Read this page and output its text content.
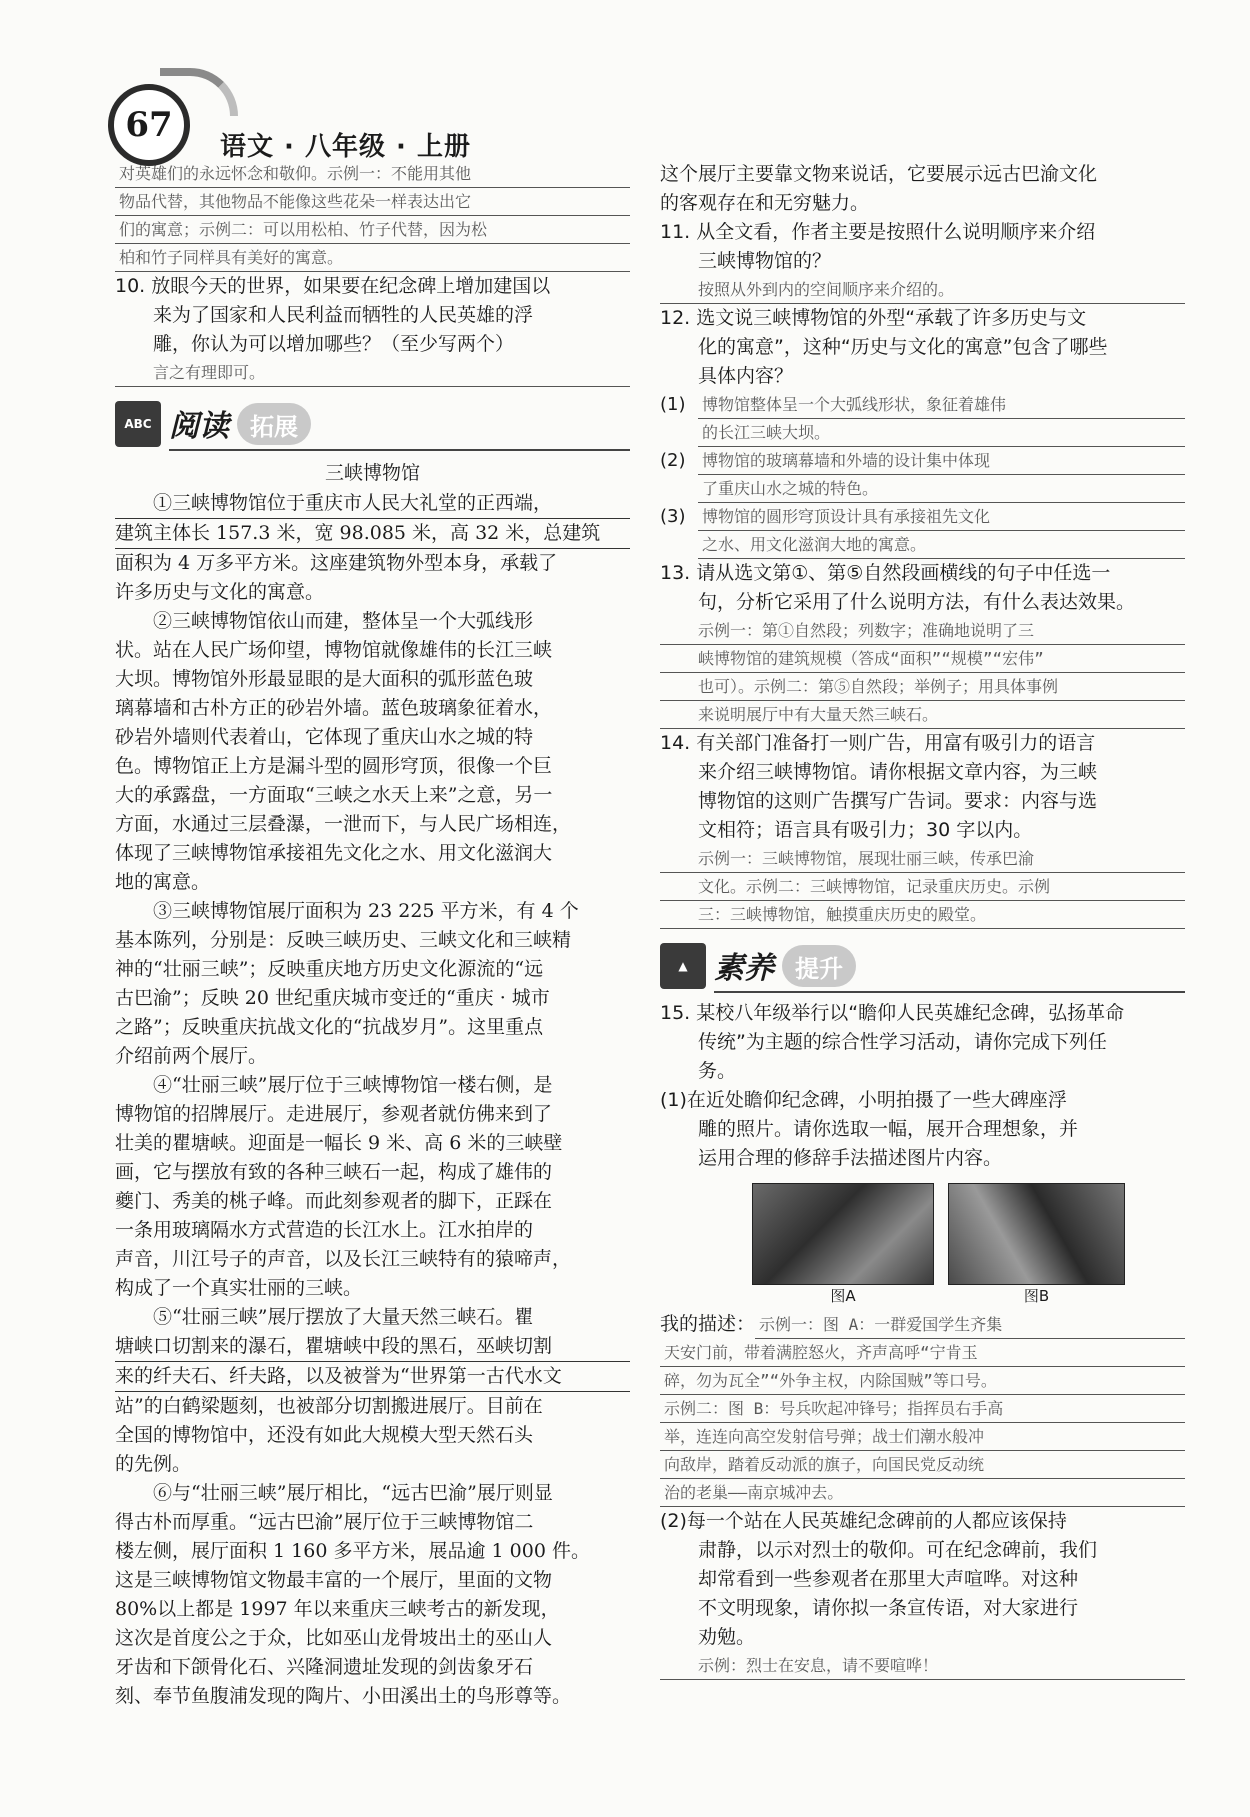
67
语文 · 八年级 · 上册
对英雄们的永远怀念和敬仰。示例一：不能用其他
物品代替，其他物品不能像这些花朵一样表达出它
们的寓意；示例二：可以用松柏、竹子代替，因为松
柏和竹子同样具有美好的寓意。
10. 放眼今天的世界，如果要在纪念碑上增加建国以
来为了国家和人民利益而牺牲的人民英雄的浮
雕，你认为可以增加哪些？（至少写两个）
言之有理即可。
ABC 阅读 拓展
三峡博物馆
①三峡博物馆位于重庆市人民大礼堂的正西端，
建筑主体长 157.3 米，宽 98.085 米，高 32 米，总建筑
面积为 4 万多平方米。这座建筑物外型本身，承载了
许多历史与文化的寓意。
②三峡博物馆依山而建，整体呈一个大弧线形
状。站在人民广场仰望，博物馆就像雄伟的长江三峡
大坝。博物馆外形最显眼的是大面积的弧形蓝色玻
璃幕墙和古朴方正的砂岩外墙。蓝色玻璃象征着水，
砂岩外墙则代表着山，它体现了重庆山水之城的特
色。博物馆正上方是漏斗型的圆形穹顶，很像一个巨
大的承露盘，一方面取“三峡之水天上来”之意，另一
方面，水通过三层叠瀑，一泄而下，与人民广场相连，
体现了三峡博物馆承接祖先文化之水、用文化滋润大
地的寓意。
③三峡博物馆展厅面积为 23 225 平方米，有 4 个
基本陈列，分别是：反映三峡历史、三峡文化和三峡精
神的“壮丽三峡”；反映重庆地方历史文化源流的“远
古巴渝”；反映 20 世纪重庆城市变迁的“重庆 · 城市
之路”；反映重庆抗战文化的“抗战岁月”。这里重点
介绍前两个展厅。
④“壮丽三峡”展厅位于三峡博物馆一楼右侧，是
博物馆的招牌展厅。走进展厅，参观者就仿佛来到了
壮美的瞿塘峡。迎面是一幅长 9 米、高 6 米的三峡壁
画，它与摆放有致的各种三峡石一起，构成了雄伟的
夔门、秀美的桃子峰。而此刻参观者的脚下，正踩在
一条用玻璃隔水方式营造的长江水上。江水拍岸的
声音，川江号子的声音，以及长江三峡特有的猿啼声，
构成了一个真实壮丽的三峡。
⑤“壮丽三峡”展厅摆放了大量天然三峡石。瞿
塘峡口切割来的瀑石，瞿塘峡中段的黑石，巫峡切割
来的纤夫石、纤夫路，以及被誉为“世界第一古代水文
站”的白鹤梁题刻，也被部分切割搬进展厅。目前在
全国的博物馆中，还没有如此大规模大型天然石头
的先例。
⑥与“壮丽三峡”展厅相比，“远古巴渝”展厅则显
得古朴而厚重。“远古巴渝”展厅位于三峡博物馆二
楼左侧，展厅面积 1 160 多平方米，展品逾 1 000 件。
这是三峡博物馆文物最丰富的一个展厅，里面的文物
80%以上都是 1997 年以来重庆三峡考古的新发现，
这次是首度公之于众，比如巫山龙骨坡出土的巫山人
牙齿和下颌骨化石、兴隆洞遗址发现的剑齿象牙石
刻、奉节鱼腹浦发现的陶片、小田溪出土的鸟形尊等。
这个展厅主要靠文物来说话，它要展示远古巴渝文化
的客观存在和无穷魅力。
11. 从全文看，作者主要是按照什么说明顺序来介绍
三峡博物馆的？
按照从外到内的空间顺序来介绍的。
12. 选文说三峡博物馆的外型“承载了许多历史与文
化的寓意”，这种“历史与文化的寓意”包含了哪些
具体内容？
(1)	博物馆整体呈一个大弧线形状，象征着雄伟
的长江三峡大坝。
(2)	博物馆的玻璃幕墙和外墙的设计集中体现
了重庆山水之城的特色。
(3)	博物馆的圆形穹顶设计具有承接祖先文化
之水、用文化滋润大地的寓意。
13. 请从选文第①、第⑤自然段画横线的句子中任选一
句，分析它采用了什么说明方法，有什么表达效果。
示例一：第①自然段；列数字；准确地说明了三
峡博物馆的建筑规模（答成“面积”“规模”“宏伟”
也可）。示例二：第⑤自然段；举例子；用具体事例
来说明展厅中有大量天然三峡石。
14. 有关部门准备打一则广告，用富有吸引力的语言
来介绍三峡博物馆。请你根据文章内容，为三峡
博物馆的这则广告撰写广告词。要求：内容与选
文相符；语言具有吸引力；30 字以内。
示例一：三峡博物馆，展现壮丽三峡，传承巴渝
文化。示例二：三峡博物馆，记录重庆历史。示例
三：三峡博物馆，触摸重庆历史的殿堂。
▲ 素养 提升
15. 某校八年级举行以“瞻仰人民英雄纪念碑，弘扬革命
传统”为主题的综合性学习活动，请你完成下列任
务。
(1)在近处瞻仰纪念碑，小明拍摄了一些大碑座浮
雕的照片。请你选取一幅，展开合理想象，并
运用合理的修辞手法描述图片内容。
图A	图B
我的描述： 示例一：图 A：一群爱国学生齐集
天安门前，带着满腔怒火，齐声高呼“宁肯玉
碎，勿为瓦全”“外争主权，内除国贼”等口号。
示例二：图 B：号兵吹起冲锋号；指挥员右手高
举，连连向高空发射信号弹；战士们潮水般冲
向敌岸，踏着反动派的旗子，向国民党反动统
治的老巢——南京城冲去。
(2)每一个站在人民英雄纪念碑前的人都应该保持
肃静，以示对烈士的敬仰。可在纪念碑前，我们
却常看到一些参观者在那里大声喧哗。对这种
不文明现象，请你拟一条宣传语，对大家进行
劝勉。
示例：烈士在安息，请不要喧哗！
